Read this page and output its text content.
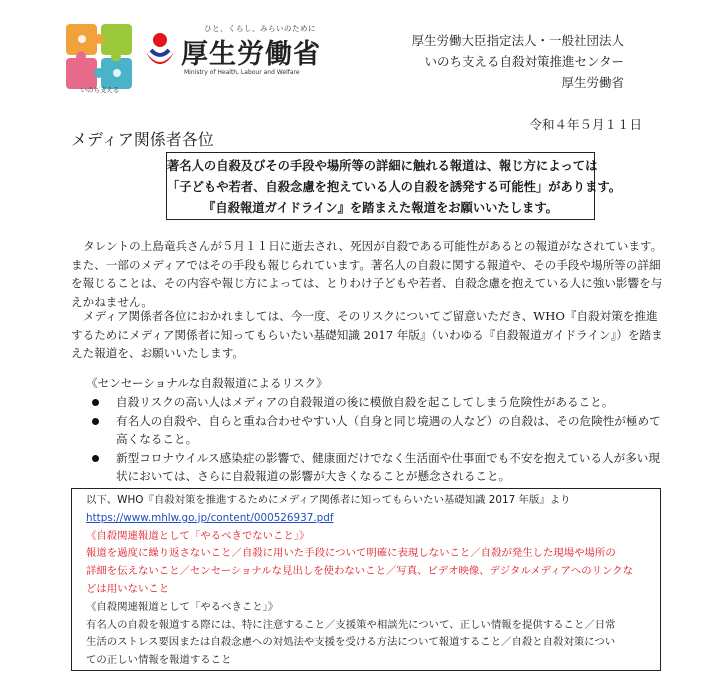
いのち支える
ひと、くらし、みらいのために
厚生労働省
Ministry of Health, Labour and Welfare
厚生労働大臣指定法人・一般社団法人
いのち支える自殺対策推進センター
厚生労働省
令和４年５月１１日
メディア関係者各位
著名人の自殺及びその手段や場所等の詳細に触れる報道は、報じ方によっては
「子どもや若者、自殺念慮を抱えている人の自殺を誘発する可能性」があります。
『自殺報道ガイドライン』を踏まえた報道をお願いいたします。
タレントの上島竜兵さんが５月１１日に逝去され、死因が自殺である可能性があるとの報道がなされています。また、一部のメディアではその手段も報じられています。著名人の自殺に関する報道や、その手段や場所等の詳細を報じることは、その内容や報じ方によっては、とりわけ子どもや若者、自殺念慮を抱えている人に強い影響を与えかねません。
メディア関係者各位におかれましては、今一度、そのリスクについてご留意いただき、WHO『自殺対策を推進するためにメディア関係者に知ってもらいたい基礎知識 2017 年版』（いわゆる『自殺報道ガイドライン』）を踏まえた報道を、お願いいたします。
《センセーショナルな自殺報道によるリスク》
自殺リスクの高い人はメディアの自殺報道の後に模倣自殺を起こしてしまう危険性があること。
有名人の自殺や、自らと重ね合わせやすい人（自身と同じ境遇の人など）の自殺は、その危険性が極めて高くなること。
新型コロナウイルス感染症の影響で、健康面だけでなく生活面や仕事面でも不安を抱えている人が多い現状においては、さらに自殺報道の影響が大きくなることが懸念されること。
以下、WHO『自殺対策を推進するためにメディア関係者に知ってもらいたい基礎知識 2017 年版』より
https://www.mhlw.go.jp/content/000526937.pdf
《自殺関連報道として「やるべきでないこと」》
報道を過度に繰り返さないこと／自殺に用いた手段について明確に表現しないこと／自殺が発生した現場や場所の
詳細を伝えないこと／センセーショナルな見出しを使わないこと／写真、ビデオ映像、デジタルメディアへのリンクな
どは用いないこと
《自殺関連報道として「やるべきこと」》
有名人の自殺を報道する際には、特に注意すること／支援策や相談先について、正しい情報を提供すること／日常
生活のストレス要因または自殺念慮への対処法や支援を受ける方法について報道すること／自殺と自殺対策につい
ての正しい情報を報道すること
